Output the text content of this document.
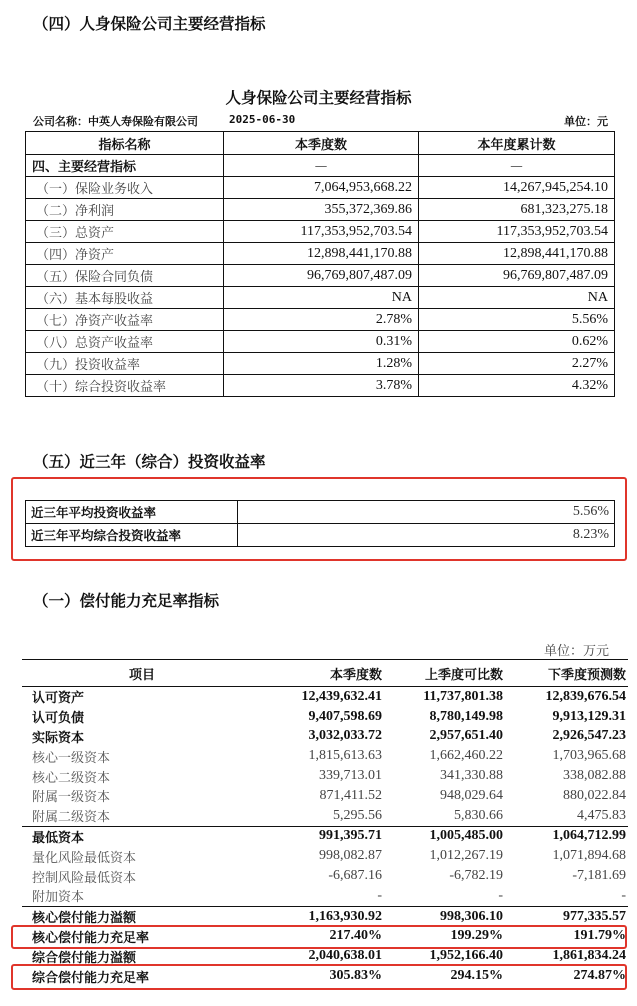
（四）人身保险公司主要经营指标
人身保险公司主要经营指标
公司名称：中英人寿保险有限公司	2025-06-30	单位：元
指标名称	本季度数	本年度累计数
四、主要经营指标	—	—
（一）保险业务收入	7,064,953,668.22	14,267,945,254.10
（二）净利润	355,372,369.86	681,323,275.18
（三）总资产	117,353,952,703.54	117,353,952,703.54
（四）净资产	12,898,441,170.88	12,898,441,170.88
（五）保险合同负债	96,769,807,487.09	96,769,807,487.09
（六）基本每股收益	NA	NA
（七）净资产收益率	2.78%	5.56%
（八）总资产收益率	0.31%	0.62%
（九）投资收益率	1.28%	2.27%
（十）综合投资收益率	3.78%	4.32%
（五）近三年（综合）投资收益率
近三年平均投资收益率	5.56%
近三年平均综合投资收益率	8.23%
（一）偿付能力充足率指标
单位：万元
项目	本季度数	上季度可比数	下季度预测数
认可资产	12,439,632.41	11,737,801.38	12,839,676.54
认可负债	9,407,598.69	8,780,149.98	9,913,129.31
实际资本	3,032,033.72	2,957,651.40	2,926,547.23
核心一级资本	1,815,613.63	1,662,460.22	1,703,965.68
核心二级资本	339,713.01	341,330.88	338,082.88
附属一级资本	871,411.52	948,029.64	880,022.84
附属二级资本	5,295.56	5,830.66	4,475.83
最低资本	991,395.71	1,005,485.00	1,064,712.99
量化风险最低资本	998,082.87	1,012,267.19	1,071,894.68
控制风险最低资本	-6,687.16	-6,782.19	-7,181.69
附加资本	-	-	-
核心偿付能力溢额	1,163,930.92	998,306.10	977,335.57
核心偿付能力充足率	217.40%	199.29%	191.79%
综合偿付能力溢额	2,040,638.01	1,952,166.40	1,861,834.24
综合偿付能力充足率	305.83%	294.15%	274.87%
